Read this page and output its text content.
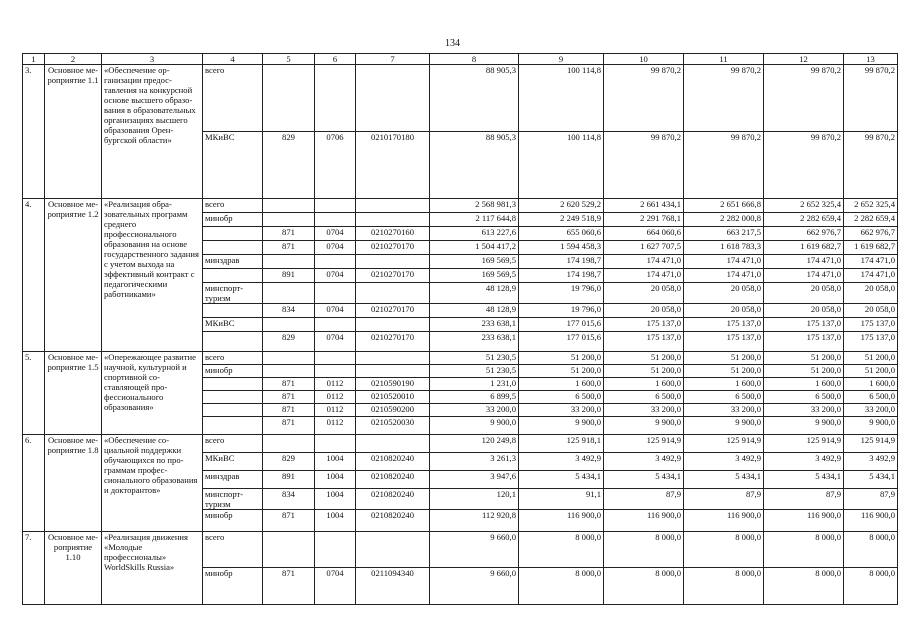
134
1	2	3	4	5	6	7	8	9	10	11	12	13
3.	Основное мероприятие 1.1	«Обеспечение организации предоставления на конкурсной основе высшего образования в образовательных организациях высшего образования Оренбургской области»	всего				88 905,3	100 114,8	99 870,2	99 870,2	99 870,2	99 870,2
			МКиВС	829	0706	0210170180	88 905,3	100 114,8	99 870,2	99 870,2	99 870,2	99 870,2
4.	Основное мероприятие 1.2	«Реализация образовательных программ среднего профессионального образования на основе государственного задания с учетом выхода на эффективный контракт с педагогическими работниками»	всего				2 568 981,3	2 620 529,2	2 661 434,1	2 651 666,8	2 652 325,4	2 652 325,4
			минобр				2 117 644,8	2 249 518,9	2 291 768,1	2 282 000,8	2 282 659,4	2 282 659,4
				871	0704	0210270160	613 227,6	655 060,6	664 060,6	663 217,5	662 976,7	662 976,7
				871	0704	0210270170	1 504 417,2	1 594 458,3	1 627 707,5	1 618 783,3	1 619 682,7	1 619 682,7
			минздрав				169 569,5	174 198,7	174 471,0	174 471,0	174 471,0	174 471,0
				891	0704	0210270170	169 569,5	174 198,7	174 471,0	174 471,0	174 471,0	174 471,0
			минспорттуризм				48 128,9	19 796,0	20 058,0	20 058,0	20 058,0	20 058,0
				834	0704	0210270170	48 128,9	19 796,0	20 058,0	20 058,0	20 058,0	20 058,0
			МКиВС				233 638,1	177 015,6	175 137,0	175 137,0	175 137,0	175 137,0
				829	0704	0210270170	233 638,1	177 015,6	175 137,0	175 137,0	175 137,0	175 137,0
5.	Основное мероприятие 1.5	«Опережающее развитие научной, культурной и спортивной составляющей профессионального образования»	всего				51 230,5	51 200,0	51 200,0	51 200,0	51 200,0	51 200,0
			минобр				51 230,5	51 200,0	51 200,0	51 200,0	51 200,0	51 200,0
				871	0112	0210590190	1 231,0	1 600,0	1 600,0	1 600,0	1 600,0	1 600,0
				871	0112	0210520010	6 899,5	6 500,0	6 500,0	6 500,0	6 500,0	6 500,0
				871	0112	0210590200	33 200,0	33 200,0	33 200,0	33 200,0	33 200,0	33 200,0
				871	0112	0210520030	9 900,0	9 900,0	9 900,0	9 900,0	9 900,0	9 900,0
6.	Основное мероприятие 1.8	«Обеспечение социальной поддержки обучающихся по программам профессионального образования и докторантов»	всего				120 249,8	125 918,1	125 914,9	125 914,9	125 914,9	125 914,9
			МКиВС	829	1004	0210820240	3 261,3	3 492,9	3 492,9	3 492,9	3 492,9	3 492,9
			минздрав	891	1004	0210820240	3 947,6	5 434,1	5 434,1	5 434,1	5 434,1	5 434,1
			минспорттуризм	834	1004	0210820240	120,1	91,1	87,9	87,9	87,9	87,9
			минобр	871	1004	0210820240	112 920,8	116 900,0	116 900,0	116 900,0	116 900,0	116 900,0
7.	Основное мероприятие 1.10	«Реализация движения «Молодые профессионалы» WorldSkills Russia»	всего				9 660,0	8 000,0	8 000,0	8 000,0	8 000,0	8 000,0
			минобр	871	0704	0211094340	9 660,0	8 000,0	8 000,0	8 000,0	8 000,0	8 000,0
